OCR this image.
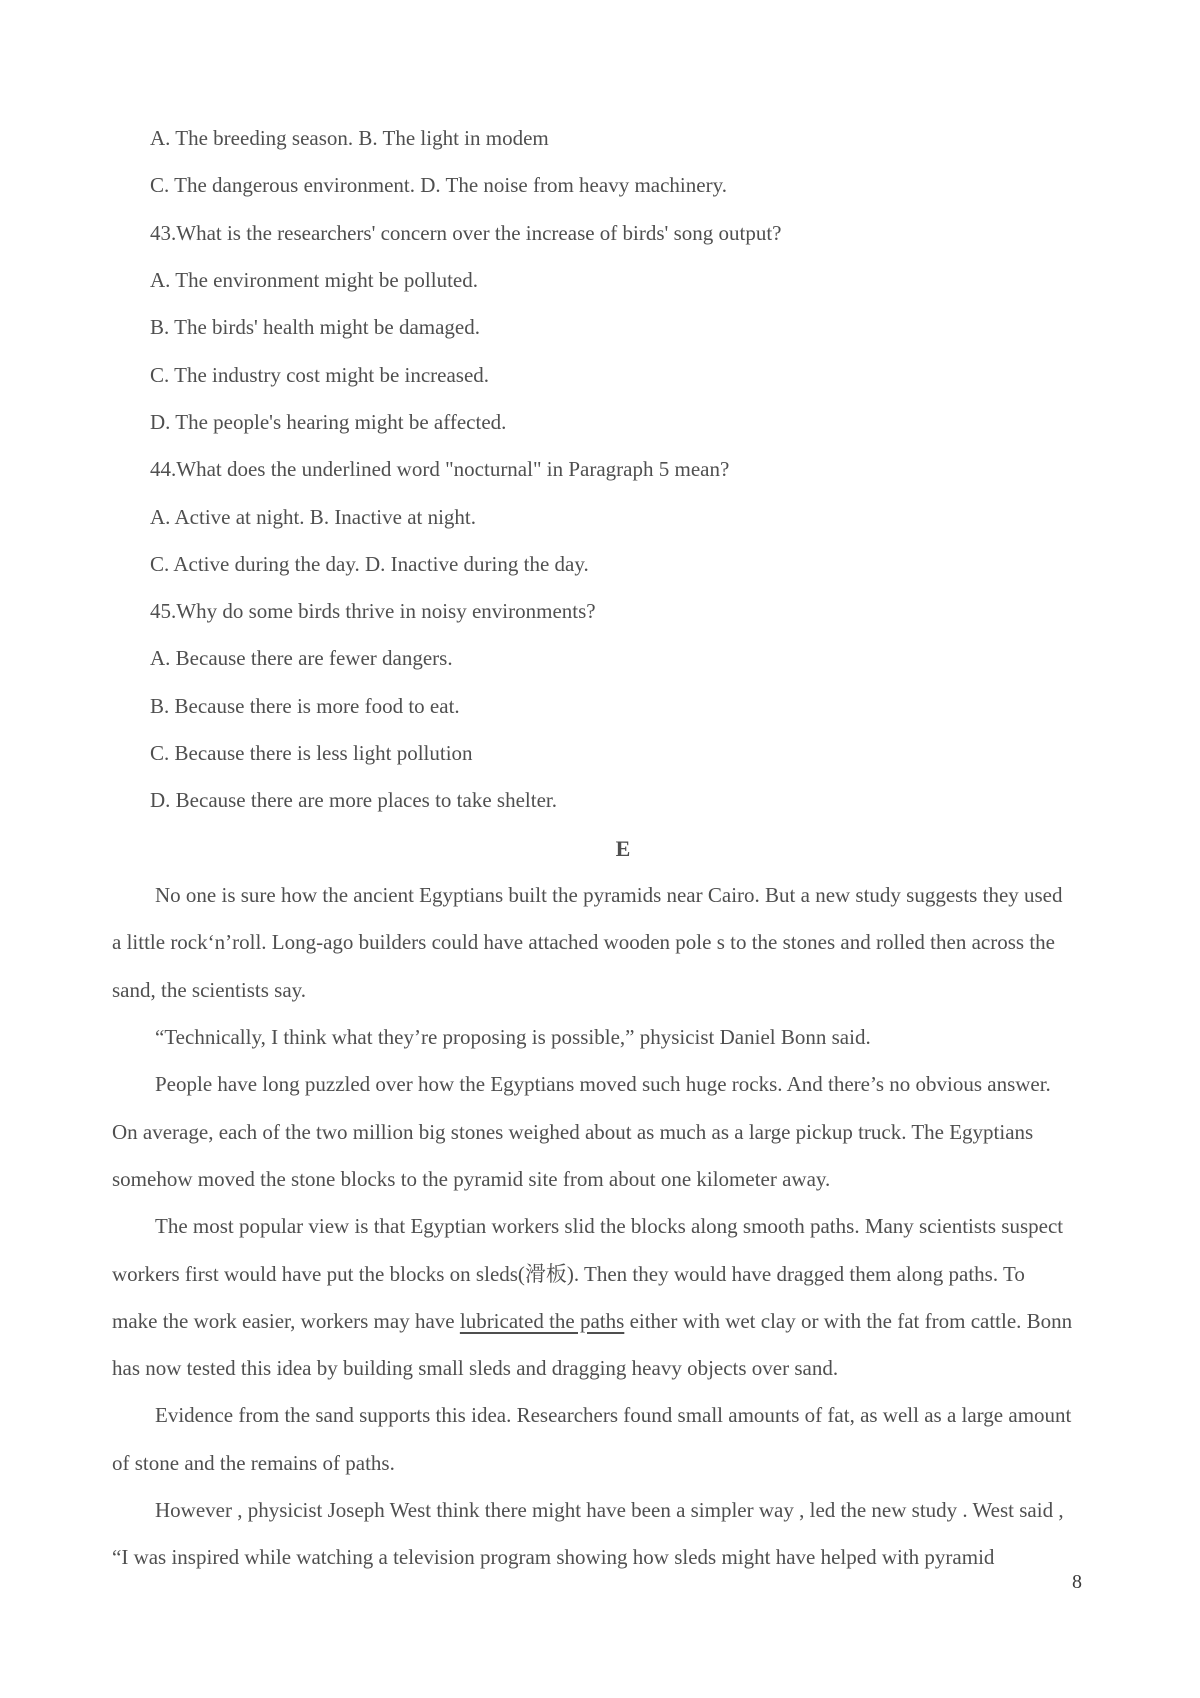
A. The breeding season. B. The light in modem
C. The dangerous environment. D. The noise from heavy machinery.
43.What is the researchers' concern over the increase of birds' song output?
A. The environment might be polluted.
B. The birds' health might be damaged.
C. The industry cost might be increased.
D. The people's hearing might be affected.
44.What does the underlined word "nocturnal" in Paragraph 5 mean?
A. Active at night. B. Inactive at night.
C. Active during the day. D. Inactive during the day.
45.Why do some birds thrive in noisy environments?
A. Because there are fewer dangers.
B. Because there is more food to eat.
C. Because there is less light pollution
D. Because there are more places to take shelter.
E
No one is sure how the ancient Egyptians built the pyramids near Cairo. But a new study suggests they used
a little rock‘n’roll. Long-ago builders could have attached wooden pole s to the stones and rolled then across the
sand, the scientists say.
“Technically, I think what they’re proposing is possible,” physicist Daniel Bonn said.
People have long puzzled over how the Egyptians moved such huge rocks. And there’s no obvious answer.
On average, each of the two million big stones weighed about as much as a large pickup truck. The Egyptians
somehow moved the stone blocks to the pyramid site from about one kilometer away.
The most popular view is that Egyptian workers slid the blocks along smooth paths. Many scientists suspect
workers first would have put the blocks on sleds(滑板). Then they would have dragged them along paths. To
make the work easier, workers may have lubricated the paths either with wet clay or with the fat from cattle. Bonn
has now tested this idea by building small sleds and dragging heavy objects over sand.
Evidence from the sand supports this idea. Researchers found small amounts of fat, as well as a large amount
of stone and the remains of paths.
However , physicist Joseph West think there might have been a simpler way , led the new study . West said ,
“I was inspired while watching a television program showing how sleds might have helped with pyramid
8
